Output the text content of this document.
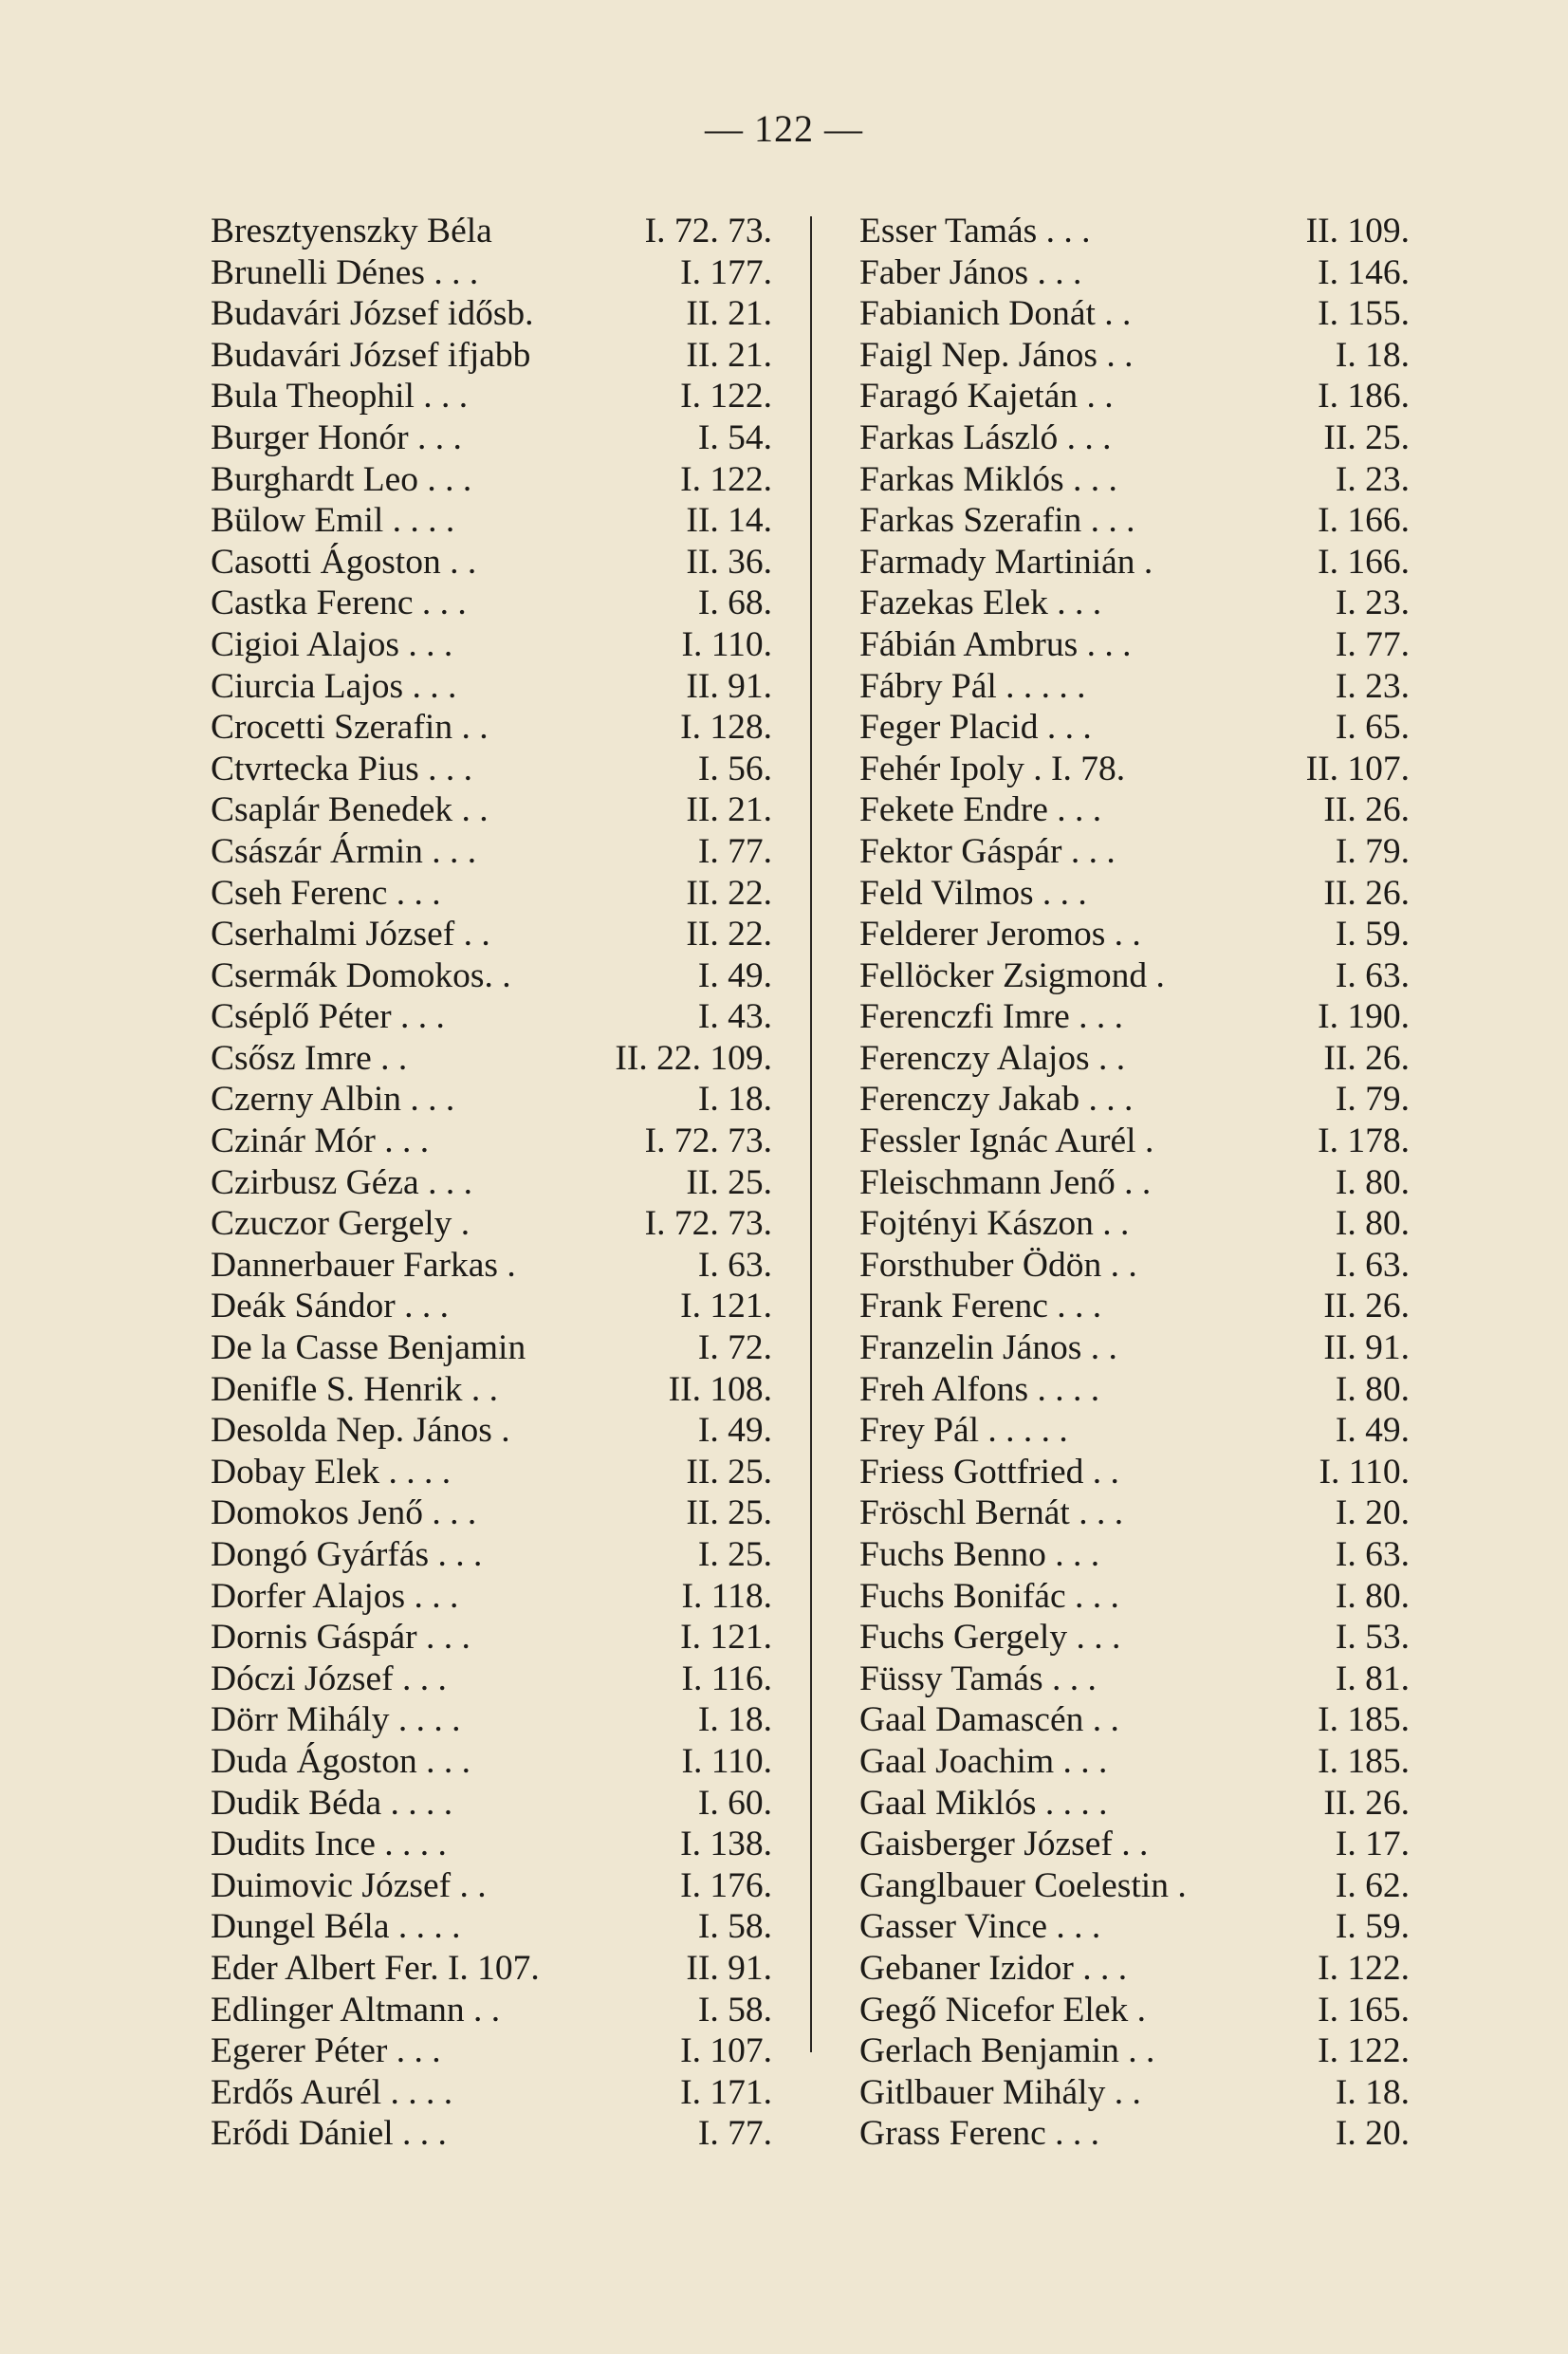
— 122 —
Bresztyenszky Béla	I. 72. 73.
Brunelli Dénes . . .	I. 177.
Budavári József idősb.	II. 21.
Budavári József ifjabb	II. 21.
Bula Theophil . . .	I. 122.
Burger Honór . . .	I. 54.
Burghardt Leo . . .	I. 122.
Bülow Emil . . . .	II. 14.
Casotti Ágoston . .	II. 36.
Castka Ferenc . . .	I. 68.
Cigioi Alajos . . .	I. 110.
Ciurcia Lajos . . .	II. 91.
Crocetti Szerafin . .	I. 128.
Ctvrtecka Pius . . .	I. 56.
Csaplár Benedek . .	II. 21.
Császár Ármin . . .	I. 77.
Cseh Ferenc . . .	II. 22.
Cserhalmi József . .	II. 22.
Csermák Domokos. .	I. 49.
Cséplő Péter . . .	I. 43.
Csősz Imre . .	II. 22. 109.
Czerny Albin . . .	I. 18.
Czinár Mór . . .	I. 72. 73.
Czirbusz Géza . . .	II. 25.
Czuczor Gergely .	I. 72. 73.
Dannerbauer Farkas .	I. 63.
Deák Sándor . . .	I. 121.
De la Casse Benjamin	I. 72.
Denifle S. Henrik . .	II. 108.
Desolda Nep. János .	I. 49.
Dobay Elek . . . .	II. 25.
Domokos Jenő . . .	II. 25.
Dongó Gyárfás . . .	I. 25.
Dorfer Alajos . . .	I. 118.
Dornis Gáspár . . .	I. 121.
Dóczi József . . .	I. 116.
Dörr Mihály . . . .	I. 18.
Duda Ágoston . . .	I. 110.
Dudik Béda . . . .	I. 60.
Dudits Ince . . . .	I. 138.
Duimovic József . .	I. 176.
Dungel Béla . . . .	I. 58.
Eder Albert Fer. I. 107.	II. 91.
Edlinger Altmann . .	I. 58.
Egerer Péter . . .	I. 107.
Erdős Aurél . . . .	I. 171.
Erődi Dániel . . .	I. 77.
Esser Tamás . . .	II. 109.
Faber János . . .	I. 146.
Fabianich Donát . .	I. 155.
Faigl Nep. János . .	I. 18.
Faragó Kajetán . .	I. 186.
Farkas László . . .	II. 25.
Farkas Miklós . . .	I. 23.
Farkas Szerafin . . .	I. 166.
Farmady Martinián .	I. 166.
Fazekas Elek . . .	I. 23.
Fábián Ambrus . . .	I. 77.
Fábry Pál . . . . .	I. 23.
Feger Placid . . .	I. 65.
Fehér Ipoly . I. 78.	II. 107.
Fekete Endre . . .	II. 26.
Fektor Gáspár . . .	I. 79.
Feld Vilmos . . .	II. 26.
Felderer Jeromos . .	I. 59.
Fellöcker Zsigmond .	I. 63.
Ferenczfi Imre . . .	I. 190.
Ferenczy Alajos . .	II. 26.
Ferenczy Jakab . . .	I. 79.
Fessler Ignác Aurél .	I. 178.
Fleischmann Jenő . .	I. 80.
Fojtényi Kászon . .	I. 80.
Forsthuber Ödön . .	I. 63.
Frank Ferenc . . .	II. 26.
Franzelin János . .	II. 91.
Freh Alfons . . . .	I. 80.
Frey Pál . . . . .	I. 49.
Friess Gottfried . .	I. 110.
Fröschl Bernát . . .	I. 20.
Fuchs Benno . . .	I. 63.
Fuchs Bonifác . . .	I. 80.
Fuchs Gergely . . .	I. 53.
Füssy Tamás . . .	I. 81.
Gaal Damascén . .	I. 185.
Gaal Joachim . . .	I. 185.
Gaal Miklós . . . .	II. 26.
Gaisberger József . .	I. 17.
Ganglbauer Coelestin .	I. 62.
Gasser Vince . . .	I. 59.
Gebaner Izidor . . .	I. 122.
Gegő Nicefor Elek .	I. 165.
Gerlach Benjamin . .	I. 122.
Gitlbauer Mihály . .	I. 18.
Grass Ferenc . . .	I. 20.
